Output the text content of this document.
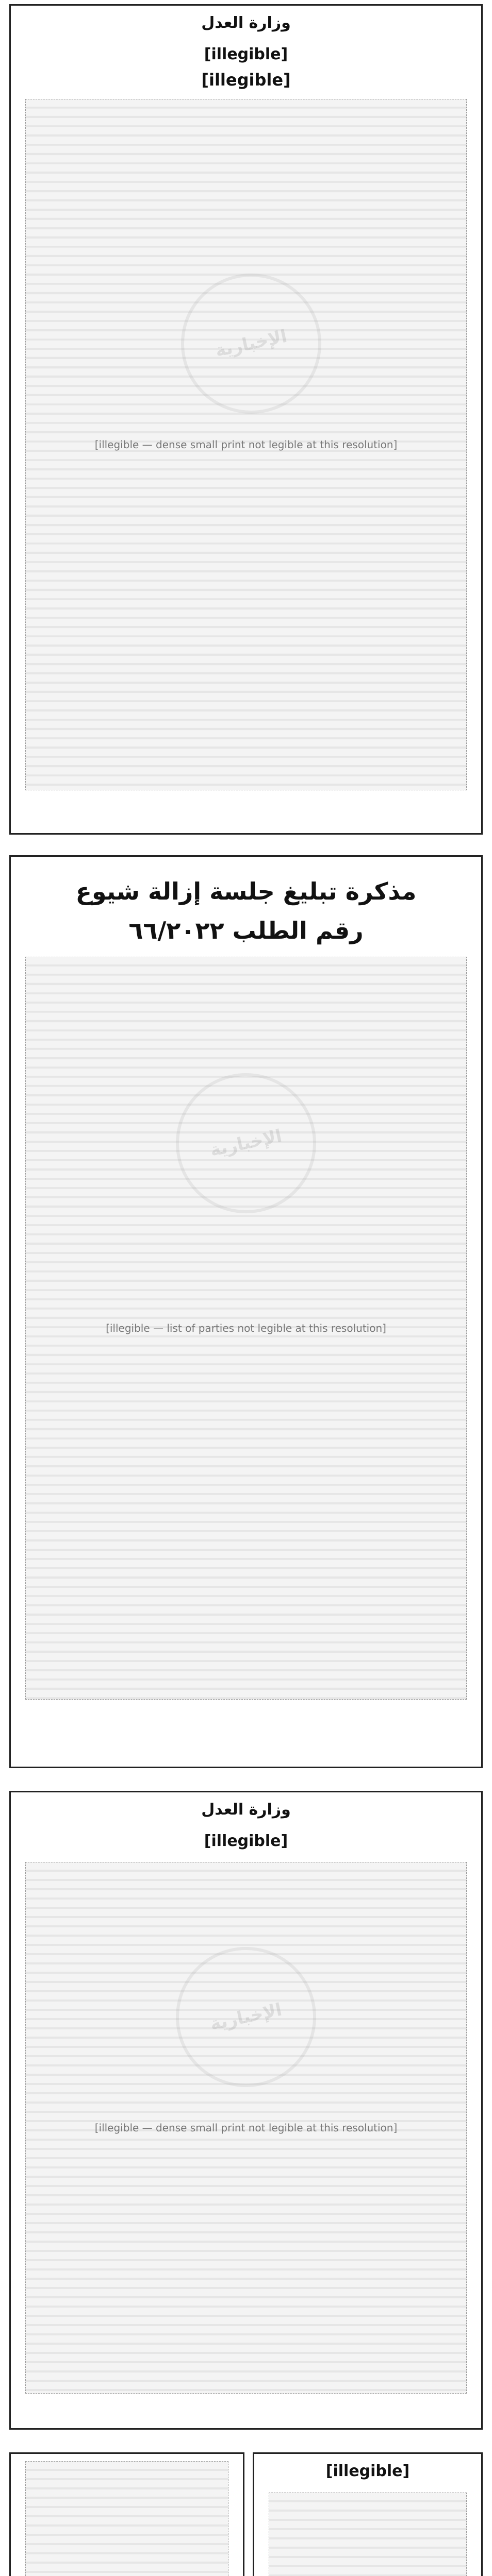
وزارة العدل
[illegible]
[illegible]
[illegible — dense small print not legible at this resolution]
الإخبارية
مذكرة تبليغ جلسة إزالة شيوع
رقم الطلب ٦٦/٢٠٢٢
[illegible — list of parties not legible at this resolution]
الإخبارية
وزارة العدل
[illegible]
[illegible — dense small print not legible at this resolution]
الإخبارية
[illegible]
